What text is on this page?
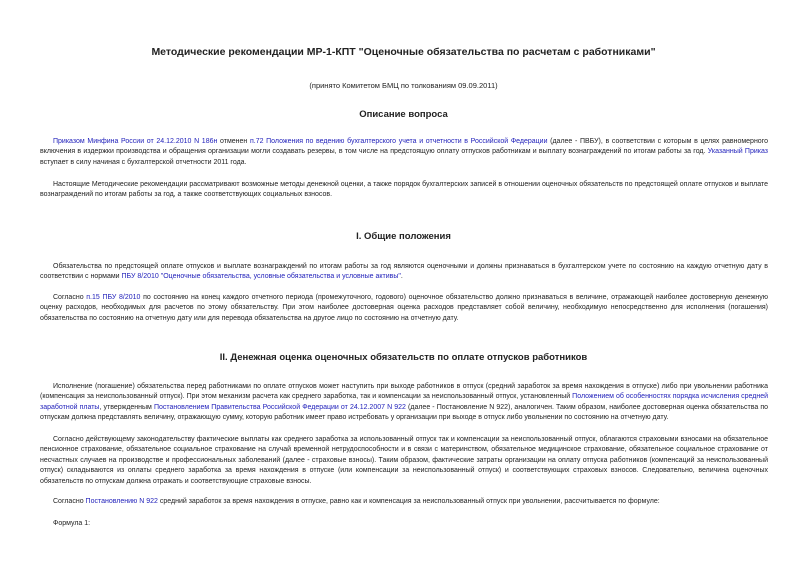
Методические рекомендации МР-1-КПТ "Оценочные обязательства по расчетам с работниками"
(принято Комитетом БМЦ по толкованиям 09.09.2011)
Описание вопроса
Приказом Минфина России от 24.12.2010 N 186н отменен п.72 Положения по ведению бухгалтерского учета и отчетности в Российской Федерации (далее - ПВБУ), в соответствии с которым в целях равномерного включения в издержки производства и обращения организации могли создавать резервы, в том числе на предстоящую оплату отпусков работникам и выплату вознаграждений по итогам работы за год. Указанный Приказ вступает в силу начиная с бухгалтерской отчетности 2011 года.
Настоящие Методические рекомендации рассматривают возможные методы денежной оценки, а также порядок бухгалтерских записей в отношении оценочных обязательств по предстоящей оплате отпусков и выплате вознаграждений по итогам работы за год, а также соответствующих социальных взносов.
I. Общие положения
Обязательства по предстоящей оплате отпусков и выплате вознаграждений по итогам работы за год являются оценочными и должны признаваться в бухгалтерском учете по состоянию на каждую отчетную дату в соответствии с нормами ПБУ 8/2010 "Оценочные обязательства, условные обязательства и условные активы".
Согласно п.15 ПБУ 8/2010 по состоянию на конец каждого отчетного периода (промежуточного, годового) оценочное обязательство должно признаваться в величине, отражающей наиболее достоверную денежную оценку расходов, необходимых для расчетов по этому обязательству. При этом наиболее достоверная оценка расходов представляет собой величину, необходимую непосредственно для исполнения (погашения) обязательства по состоянию на отчетную дату или для перевода обязательства на другое лицо по состоянию на отчетную дату.
II. Денежная оценка оценочных обязательств по оплате отпусков работников
Исполнение (погашение) обязательства перед работниками по оплате отпусков может наступить при выходе работников в отпуск (средний заработок за время нахождения в отпуске) либо при увольнении работника (компенсация за неиспользованный отпуск). При этом механизм расчета как среднего заработка, так и компенсации за неиспользованный отпуск, установленный Положением об особенностях порядка исчисления средней заработной платы, утвержденным Постановлением Правительства Российской Федерации от 24.12.2007 N 922 (далее - Постановление N 922), аналогичен. Таким образом, наиболее достоверная оценка обязательства по отпускам должна представлять величину, отражающую сумму, которую работник имеет право истребовать у организации при выходе в отпуск либо увольнении по состоянию на отчетную дату.
Согласно действующему законодательству фактические выплаты как среднего заработка за использованный отпуск так и компенсации за неиспользованный отпуск, облагаются страховыми взносами на обязательное пенсионное страхование, обязательное социальное страхование на случай временной нетрудоспособности и в связи с материнством, обязательное медицинское страхование, обязательное социальное страхование от несчастных случаев на производстве и профессиональных заболеваний (далее - страховые взносы). Таким образом, фактические затраты организации на оплату отпуска работников (компенсаций за неиспользованный отпуск) складываются из оплаты среднего заработка за время нахождения в отпуске (или компенсации за неиспользованный отпуск) и соответствующих страховых взносов. Следовательно, величина оценочных обязательств по отпускам должна отражать и соответствующие страховые взносы.
Согласно Постановлению N 922 средний заработок за время нахождения в отпуске, равно как и компенсация за неиспользованный отпуск при увольнении, рассчитывается по формуле:
Формула 1:
